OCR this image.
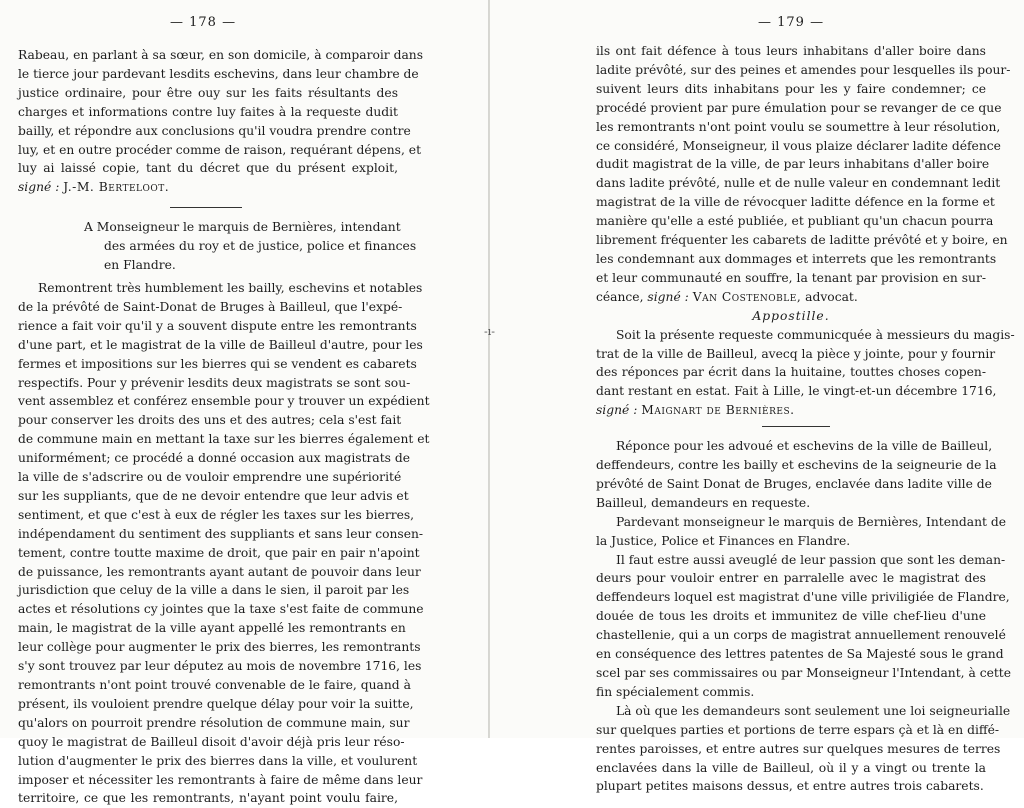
‑ı‑
— 178 —
Rabeau, en parlant à sa sœur, en son domicile, à comparoir dans
le tierce jour pardevant lesdits eschevins, dans leur chambre de
justice ordinaire, pour être ouy sur les faits résultants des
charges et informations contre luy faites à la requeste dudit
bailly, et répondre aux conclusions qu'il voudra prendre contre
luy, et en outre procéder comme de raison, requérant dépens, et
luy ai laissé copie, tant du décret que du présent exploit,
signé : J.-M. Berteloot.
A Monseigneur le marquis de Bernières, intendant
des armées du roy et de justice, police et finances
en Flandre.
Remontrent très humblement les bailly, eschevins et notables
de la prévôté de Saint-Donat de Bruges à Bailleul, que l'expé-
rience a fait voir qu'il y a souvent dispute entre les remontrants
d'une part, et le magistrat de la ville de Bailleul d'autre, pour les
fermes et impositions sur les bierres qui se vendent es cabarets
respectifs. Pour y prévenir lesdits deux magistrats se sont sou-
vent assemblez et conférez ensemble pour y trouver un expédient
pour conserver les droits des uns et des autres; cela s'est fait
de commune main en mettant la taxe sur les bierres également et
uniformément; ce procédé a donné occasion aux magistrats de
la ville de s'adscrire ou de vouloir emprendre une supériorité
sur les suppliants, que de ne devoir entendre que leur advis et
sentiment, et que c'est à eux de régler les taxes sur les bierres,
indépendament du sentiment des suppliants et sans leur consen-
tement, contre toutte maxime de droit, que pair en pair n'apoint
de puissance, les remontrants ayant autant de pouvoir dans leur
jurisdiction que celuy de la ville a dans le sien, il paroit par les
actes et résolutions cy jointes que la taxe s'est faite de commune
main, le magistrat de la ville ayant appellé les remontrants en
leur collège pour augmenter le prix des bierres, les remontrants
s'y sont trouvez par leur députez au mois de novembre 1716, les
remontrants n'ont point trouvé convenable de le faire, quand à
présent, ils vouloient prendre quelque délay pour voir la suitte,
qu'alors on pourroit prendre résolution de commune main, sur
quoy le magistrat de Bailleul disoit d'avoir déjà pris leur réso-
lution d'augmenter le prix des bierres dans la ville, et voulurent
imposer et nécessiter les remontrants à faire de même dans leur
territoire, ce que les remontrants, n'ayant point voulu faire,
— 179 —
ils ont fait défence à tous leurs inhabitans d'aller boire dans
ladite prévôté, sur des peines et amendes pour lesquelles ils pour-
suivent leurs dits inhabitans pour les y faire condemner; ce
procédé provient par pure émulation pour se revanger de ce que
les remontrants n'ont point voulu se soumettre à leur résolution,
ce considéré, Monseigneur, il vous plaize déclarer ladite défence
dudit magistrat de la ville, de par leurs inhabitans d'aller boire
dans ladite prévôté, nulle et de nulle valeur en condemnant ledit
magistrat de la ville de révocquer laditte défence en la forme et
manière qu'elle a esté publiée, et publiant qu'un chacun pourra
librement fréquenter les cabarets de laditte prévôté et y boire, en
les condemnant aux dommages et interrets que les remontrants
et leur communauté en souffre, la tenant par provision en sur-
céance, signé : Van Costenoble, advocat.
Appostille.
Soit la présente requeste communicquée à messieurs du magis-
trat de la ville de Bailleul, avecq la pièce y jointe, pour y fournir
des réponces par écrit dans la huitaine, touttes choses copen-
dant restant en estat. Fait à Lille, le vingt-et-un décembre 1716,
signé : Maignart de Bernières.
Réponce pour les advoué et eschevins de la ville de Bailleul,
deffendeurs, contre les bailly et eschevins de la seigneurie de la
prévôté de Saint Donat de Bruges, enclavée dans ladite ville de
Bailleul, demandeurs en requeste.
Pardevant monseigneur le marquis de Bernières, Intendant de
la Justice, Police et Finances en Flandre.
Il faut estre aussi aveuglé de leur passion que sont les deman-
deurs pour vouloir entrer en parralelle avec le magistrat des
deffendeurs loquel est magistrat d'une ville priviligiée de Flandre,
douée de tous les droits et immunitez de ville chef-lieu d'une
chastellenie, qui a un corps de magistrat annuellement renouvelé
en conséquence des lettres patentes de Sa Majesté sous le grand
scel par ses commissaires ou par Monseigneur l'Intendant, à cette
fin spécialement commis.
Là où que les demandeurs sont seulement une loi seigneurialle
sur quelques parties et portions de terre espars çà et là en diffé-
rentes paroisses, et entre autres sur quelques mesures de terres
enclavées dans la ville de Bailleul, où il y a vingt ou trente la
plupart petites maisons dessus, et entre autres trois cabarets.
